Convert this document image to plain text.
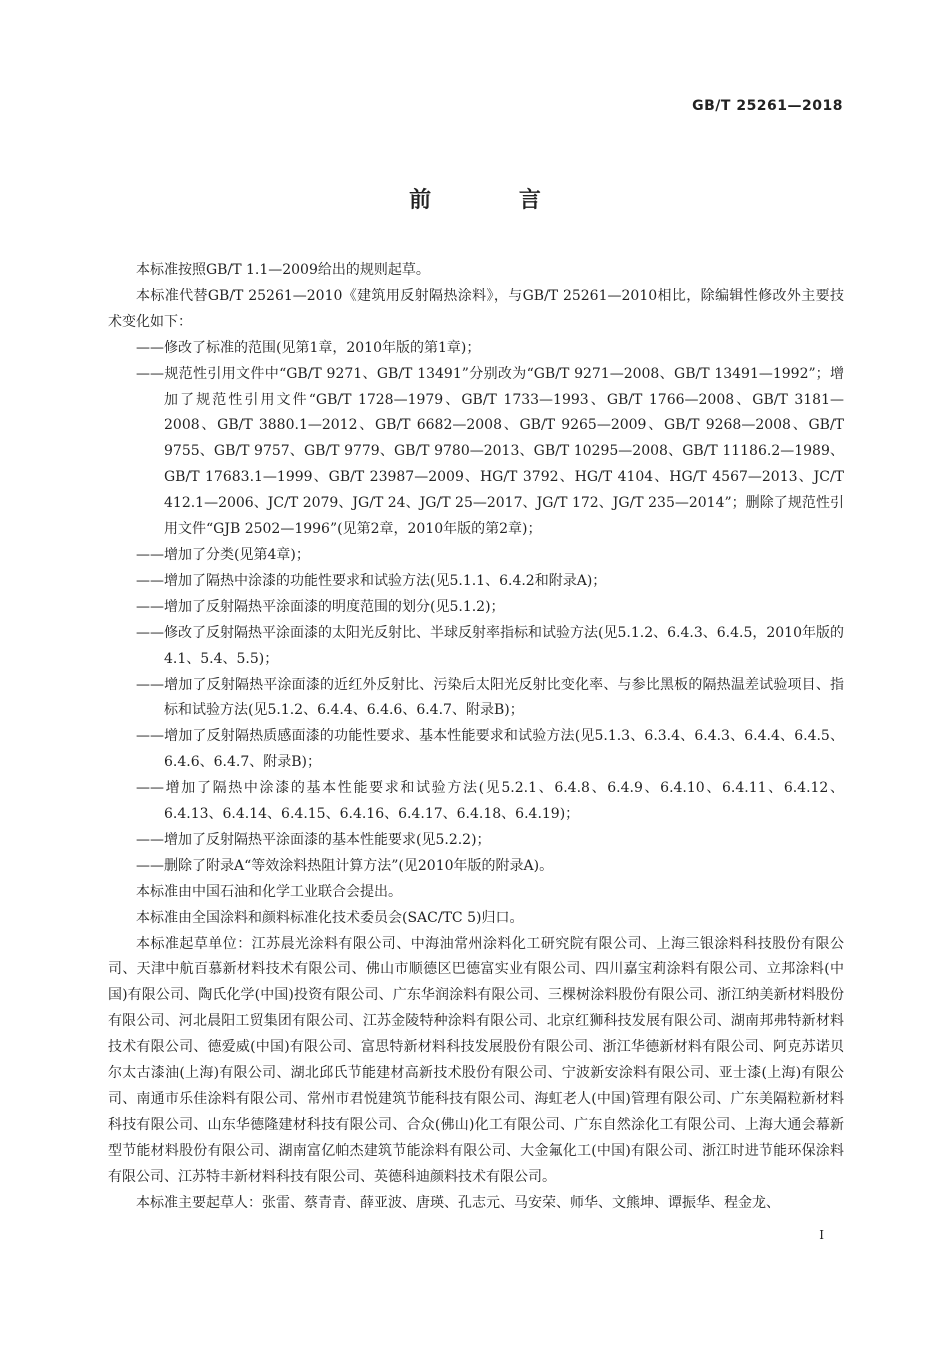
GB/T 25261—2018
前 言

本标准按照GB/T 1.1—2009给出的规则起草。

本标准代替GB/T 25261—2010《建筑用反射隔热涂料》，与GB/T 25261—2010相比，除编辑性修改外主要技术变化如下：

——修改了标准的范围(见第1章，2010年版的第1章)；

——规范性引用文件中“GB/T 9271、GB/T 13491”分别改为“GB/T 9271—2008、GB/T 13491—1992”；增加了规范性引用文件“GB/T 1728—1979、GB/T 1733—1993、GB/T 1766—2008、GB/T 3181—2008、GB/T 3880.1—2012、GB/T 6682—2008、GB/T 9265—2009、GB/T 9268—2008、GB/T 9755、GB/T 9757、GB/T 9779、GB/T 9780—2013、GB/T 10295—2008、GB/T 11186.2—1989、GB/T 17683.1—1999、GB/T 23987—2009、HG/T 3792、HG/T 4104、HG/T 4567—2013、JC/T 412.1—2006、JC/T 2079、JG/T 24、JG/T 25—2017、JG/T 172、JG/T 235—2014”；删除了规范性引用文件“GJB 2502—1996”(见第2章，2010年版的第2章)；

——增加了分类(见第4章)；

——增加了隔热中涂漆的功能性要求和试验方法(见5.1.1、6.4.2和附录A)；

——增加了反射隔热平涂面漆的明度范围的划分(见5.1.2)；

——修改了反射隔热平涂面漆的太阳光反射比、半球反射率指标和试验方法(见5.1.2、6.4.3、6.4.5，2010年版的4.1、5.4、5.5)；

——增加了反射隔热平涂面漆的近红外反射比、污染后太阳光反射比变化率、与参比黑板的隔热温差试验项目、指标和试验方法(见5.1.2、6.4.4、6.4.6、6.4.7、附录B)；

——增加了反射隔热质感面漆的功能性要求、基本性能要求和试验方法(见5.1.3、6.3.4、6.4.3、6.4.4、6.4.5、6.4.6、6.4.7、附录B)；

——增加了隔热中涂漆的基本性能要求和试验方法(见5.2.1、6.4.8、6.4.9、6.4.10、6.4.11、6.4.12、6.4.13、6.4.14、6.4.15、6.4.16、6.4.17、6.4.18、6.4.19)；

——增加了反射隔热平涂面漆的基本性能要求(见5.2.2)；

——删除了附录A“等效涂料热阻计算方法”(见2010年版的附录A)。

本标准由中国石油和化学工业联合会提出。

本标准由全国涂料和颜料标准化技术委员会(SAC/TC 5)归口。

本标准起草单位：江苏晨光涂料有限公司、中海油常州涂料化工研究院有限公司、上海三银涂料科技股份有限公司、天津中航百慕新材料技术有限公司、佛山市顺德区巴德富实业有限公司、四川嘉宝莉涂料有限公司、立邦涂料(中国)有限公司、陶氏化学(中国)投资有限公司、广东华润涂料有限公司、三棵树涂料股份有限公司、浙江纳美新材料股份有限公司、河北晨阳工贸集团有限公司、江苏金陵特种涂料有限公司、北京红狮科技发展有限公司、湖南邦弗特新材料技术有限公司、德爱威(中国)有限公司、富思特新材料科技发展股份有限公司、浙江华德新材料有限公司、阿克苏诺贝尔太古漆油(上海)有限公司、湖北邱氏节能建材高新技术股份有限公司、宁波新安涂料有限公司、亚士漆(上海)有限公司、南通市乐佳涂料有限公司、常州市君悦建筑节能科技有限公司、海虹老人(中国)管理有限公司、广东美隔粒新材料科技有限公司、山东华德隆建材科技有限公司、合众(佛山)化工有限公司、广东自然涂化工有限公司、上海大通会幕新型节能材料股份有限公司、湖南富亿帕杰建筑节能涂料有限公司、大金氟化工(中国)有限公司、浙江时进节能环保涂料有限公司、江苏特丰新材料科技有限公司、英德科迪颜料技术有限公司。

本标准主要起草人：张雷、蔡青青、薛亚波、唐瑛、孔志元、马安荣、师华、文熊坤、谭振华、程金龙、

I
